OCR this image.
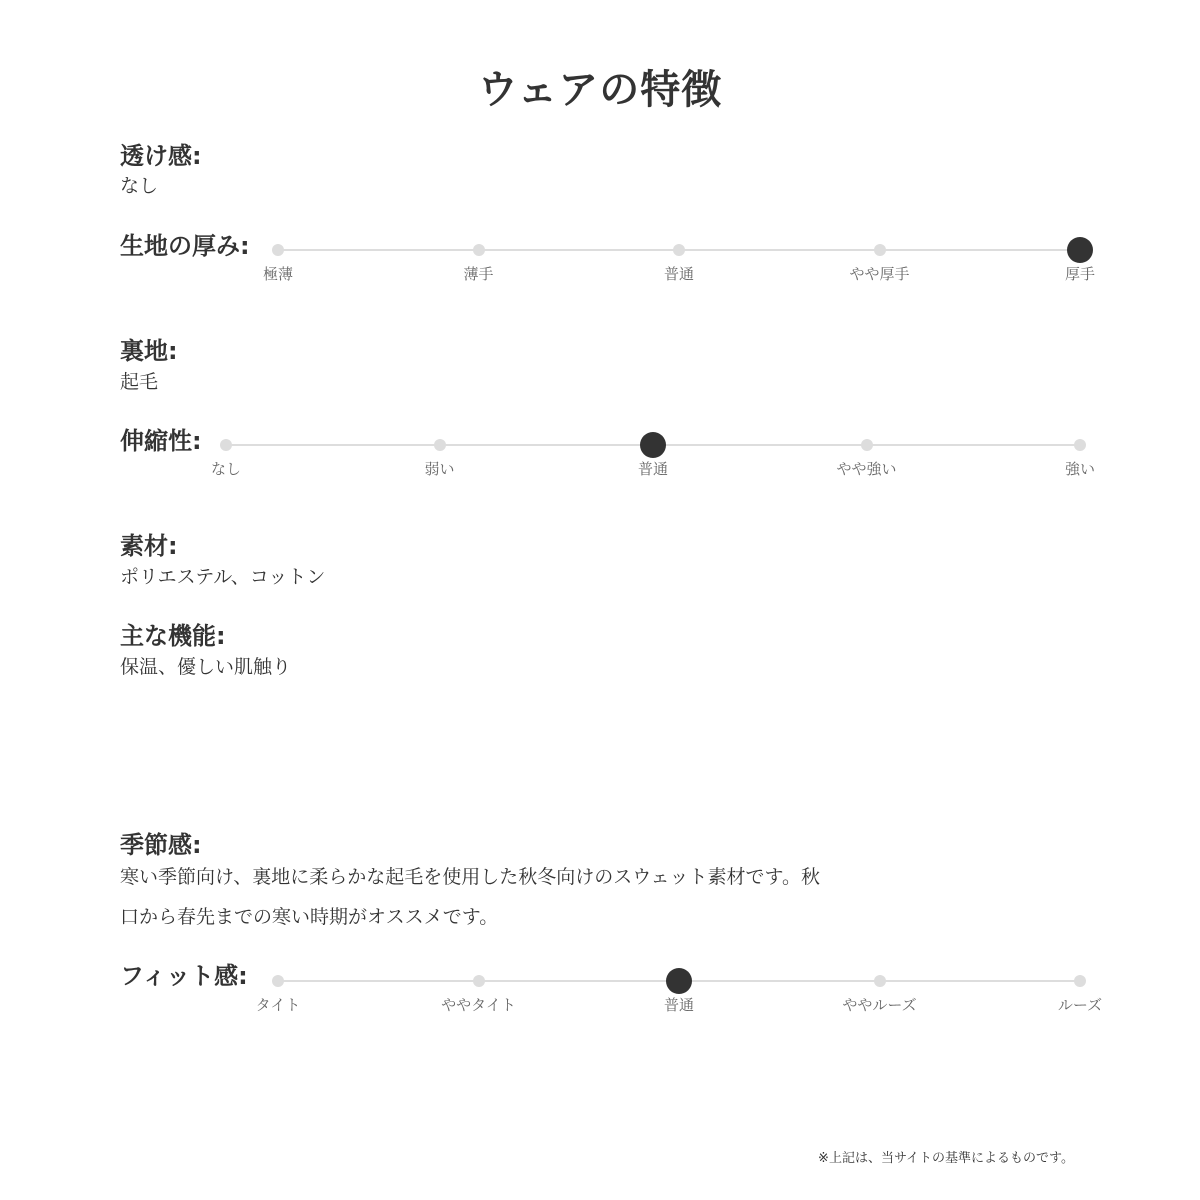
ウェアの特徴
透け感:
なし
生地の厚み:
極薄	薄手	普通	やや厚手	厚手
裏地:
起毛
伸縮性:
なし	弱い	普通	やや強い	強い
素材:
ポリエステル、コットン
主な機能:
保温、優しい肌触り
季節感:
寒い季節向け、裏地に柔らかな起毛を使用した秋冬向けのスウェット素材です。秋
口から春先までの寒い時期がオススメです。
フィット感:
タイト	ややタイト	普通	ややルーズ	ルーズ
※上記は、当サイトの基準によるものです。
